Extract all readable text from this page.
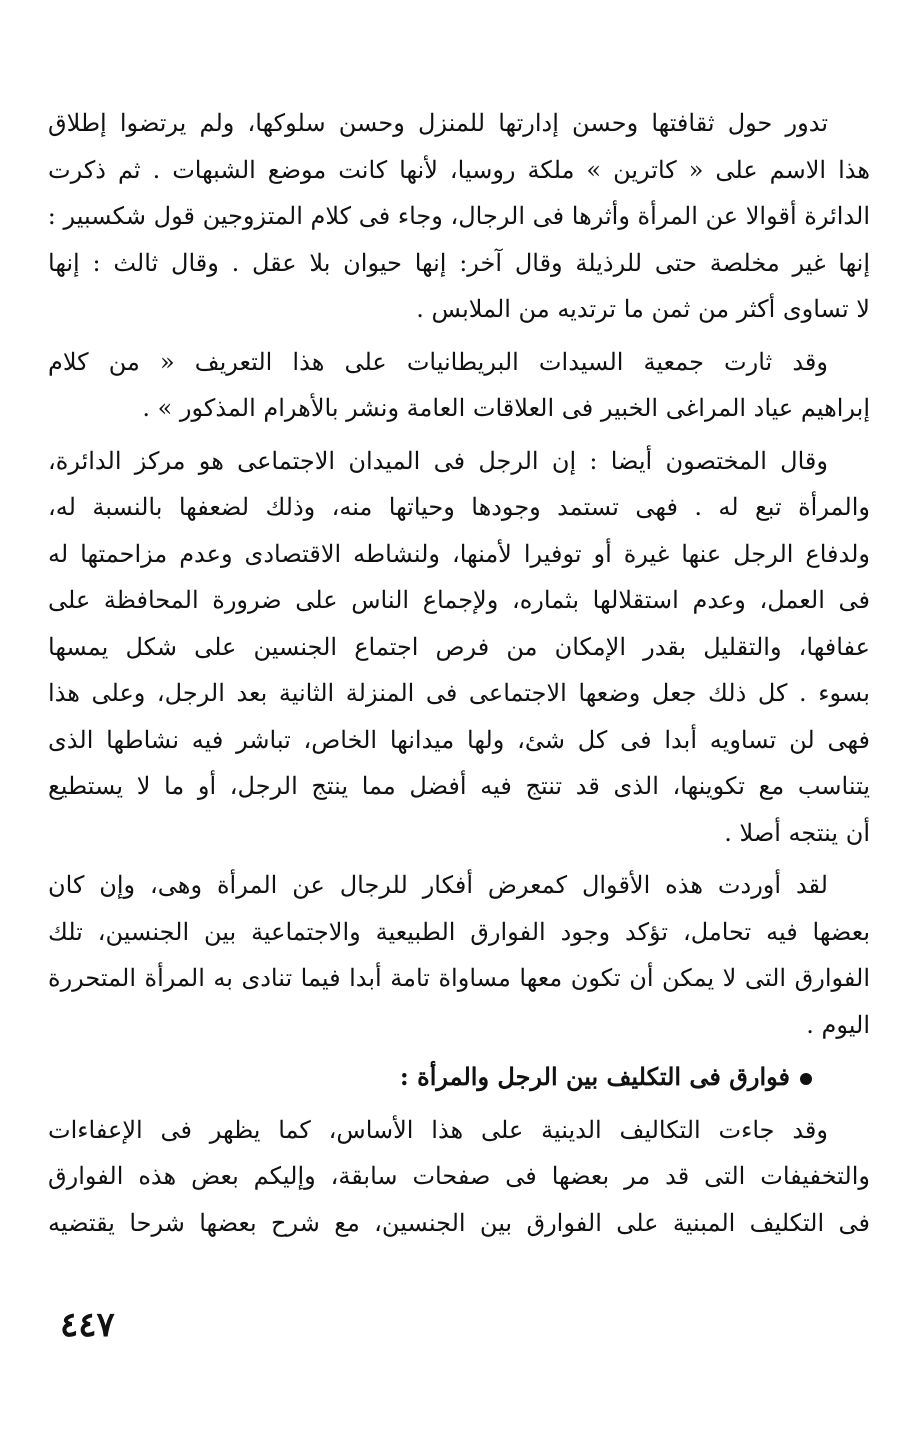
تدور حول ثقافتها وحسن إدارتها للمنزل وحسن سلوكها، ولم يرتضوا إطلاق
هذا الاسم على « كاترين » ملكة روسيا، لأنها كانت موضع الشبهات . ثم ذكرت
الدائرة أقوالا عن المرأة وأثرها فى الرجال، وجاء فى كلام المتزوجين قول شكسبير :
إنها غير مخلصة حتى للرذيلة وقال آخر: إنها حيوان بلا عقل . وقال ثالث : إنها
لا تساوى أكثر من ثمن ما ترتديه من الملابس .
وقد ثارت جمعية السيدات البريطانيات على هذا التعريف « من كلام
إبراهيم عياد المراغى الخبير فى العلاقات العامة ونشر بالأهرام المذكور » .
وقال المختصون أيضا : إن الرجل فى الميدان الاجتماعى هو مركز الدائرة،
والمرأة تبع له . فهى تستمد وجودها وحياتها منه، وذلك لضعفها بالنسبة له،
ولدفاع الرجل عنها غيرة أو توفيرا لأمنها، ولنشاطه الاقتصادى وعدم مزاحمتها له
فى العمل، وعدم استقلالها بثماره، ولإجماع الناس على ضرورة المحافظة على
عفافها، والتقليل بقدر الإمكان من فرص اجتماع الجنسين على شكل يمسها
بسوء . كل ذلك جعل وضعها الاجتماعى فى المنزلة الثانية بعد الرجل، وعلى هذا
فهى لن تساويه أبدا فى كل شئ، ولها ميدانها الخاص، تباشر فيه نشاطها الذى
يتناسب مع تكوينها، الذى قد تنتج فيه أفضل مما ينتج الرجل، أو ما لا يستطيع
أن ينتجه أصلا .
لقد أوردت هذه الأقوال كمعرض أفكار للرجال عن المرأة وهى، وإن كان
بعضها فيه تحامل، تؤكد وجود الفوارق الطبيعية والاجتماعية بين الجنسين، تلك
الفوارق التى لا يمكن أن تكون معها مساواة تامة أبدا فيما تنادى به المرأة المتحررة
اليوم .
فوارق فى التكليف بين الرجل والمرأة :
وقد جاءت التكاليف الدينية على هذا الأساس، كما يظهر فى الإعفاءات
والتخفيفات التى قد مر بعضها فى صفحات سابقة، وإليكم بعض هذه الفوارق
فى التكليف المبنية على الفوارق بين الجنسين، مع شرح بعضها شرحا يقتضيه
٤٤٧
